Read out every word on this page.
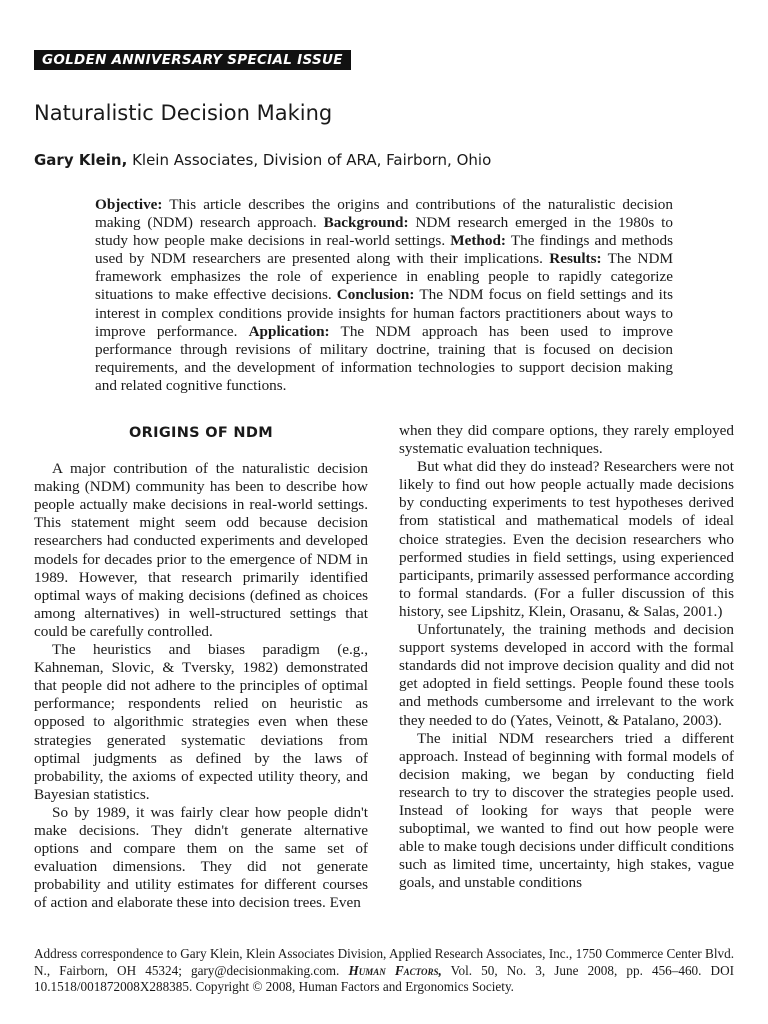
GOLDEN ANNIVERSARY SPECIAL ISSUE
Naturalistic Decision Making
Gary Klein, Klein Associates, Division of ARA, Fairborn, Ohio

Objective: This article describes the origins and contributions of the naturalistic decision making (NDM) research approach. Background: NDM research emerged in the 1980s to study how people make decisions in real-world settings. Method: The findings and methods used by NDM researchers are presented along with their implications. Results: The NDM framework emphasizes the role of experience in enabling people to rapidly categorize situations to make effective decisions. Conclusion: The NDM focus on field settings and its interest in complex conditions provide insights for human factors practitioners about ways to improve performance. Application: The NDM approach has been used to improve performance through revisions of military doctrine, training that is focused on decision requirements, and the development of information technologies to support decision making and related cognitive functions.

ORIGINS OF NDM

A major contribution of the naturalistic decision making (NDM) community has been to describe how people actually make decisions in real-world settings. This statement might seem odd because decision researchers had conducted experiments and developed models for decades prior to the emergence of NDM in 1989. However, that research primarily identified optimal ways of making decisions (defined as choices among alternatives) in well-structured settings that could be carefully controlled.

The heuristics and biases paradigm (e.g., Kahneman, Slovic, & Tversky, 1982) demonstrated that people did not adhere to the principles of optimal performance; respondents relied on heuristic as opposed to algorithmic strategies even when these strategies generated systematic deviations from optimal judgments as defined by the laws of probability, the axioms of expected utility theory, and Bayesian statistics.

So by 1989, it was fairly clear how people didn't make decisions. They didn't generate alternative options and compare them on the same set of evaluation dimensions. They did not generate probability and utility estimates for different courses of action and elaborate these into decision trees. Even

when they did compare options, they rarely employed systematic evaluation techniques.

But what did they do instead? Researchers were not likely to find out how people actually made decisions by conducting experiments to test hypotheses derived from statistical and mathematical models of ideal choice strategies. Even the decision researchers who performed studies in field settings, using experienced participants, primarily assessed performance according to formal standards. (For a fuller discussion of this history, see Lipshitz, Klein, Orasanu, & Salas, 2001.)

Unfortunately, the training methods and decision support systems developed in accord with the formal standards did not improve decision quality and did not get adopted in field settings. People found these tools and methods cumbersome and irrelevant to the work they needed to do (Yates, Veinott, & Patalano, 2003).

The initial NDM researchers tried a different approach. Instead of beginning with formal models of decision making, we began by conducting field research to try to discover the strategies people used. Instead of looking for ways that people were suboptimal, we wanted to find out how people were able to make tough decisions under difficult conditions such as limited time, uncertainty, high stakes, vague goals, and unstable conditions

Address correspondence to Gary Klein, Klein Associates Division, Applied Research Associates, Inc., 1750 Commerce Center Blvd. N., Fairborn, OH 45324; gary@decisionmaking.com. Human Factors, Vol. 50, No. 3, June 2008, pp. 456–460. DOI 10.1518/001872008X288385. Copyright © 2008, Human Factors and Ergonomics Society.
